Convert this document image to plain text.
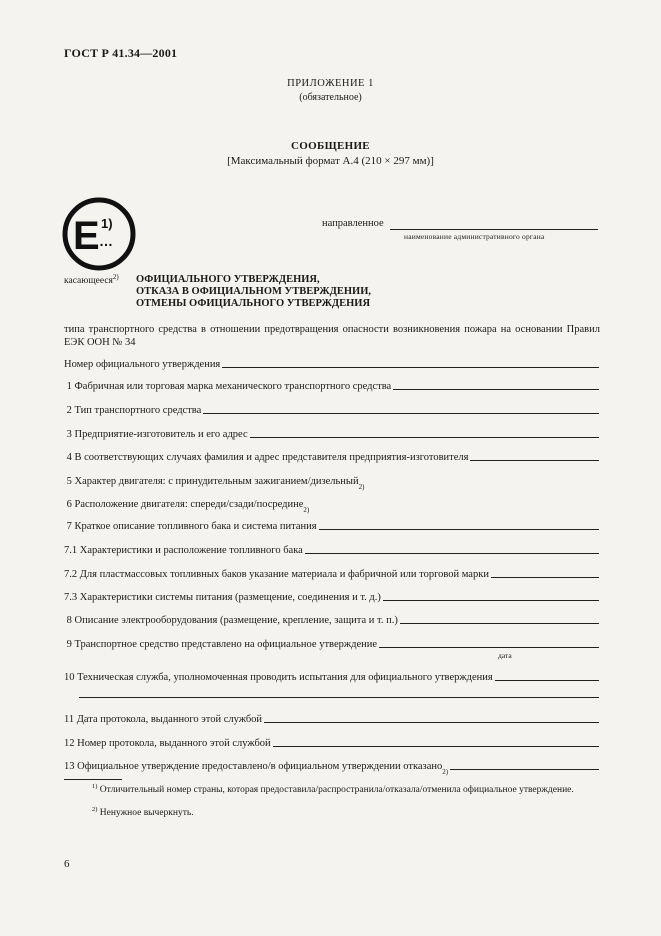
ГОСТ Р 41.34—2001
ПРИЛОЖЕНИЕ 1
(обязательное)
СООБЩЕНИЕ
[Максимальный формат А.4 (210 × 297 мм)]
E 1)
…
направленное
наименование административного органа
касающееся$^{2)}$ ОФИЦИАЛЬНОГО УТВЕРЖДЕНИЯ,
ОТКАЗА В ОФИЦИАЛЬНОМ УТВЕРЖДЕНИИ,
ОТМЕНЫ ОФИЦИАЛЬНОГО УТВЕРЖДЕНИЯ
типа транспортного средства в отношении предотвращения опасности возникновения пожара на основании Правил ЕЭК ООН № 34
Номер официального утверждения
1 Фабричная или торговая марка механического транспортного средства
2 Тип транспортного средства
3 Предприятие-изготовитель и его адрес
4 В соответствующих случаях фамилия и адрес представителя предприятия-изготовителя
5 Характер двигателя: с принудительным зажиганием/дизельный 2)
6 Расположение двигателя: спереди/сзади/посредине 2)
7 Краткое описание топливного бака и система питания
7.1 Характеристики и расположение топливного бака
7.2 Для пластмассовых топливных баков указание материала и фабричной или торговой марки
7.3 Характеристики системы питания (размещение, соединения и т. д.)
8 Описание электрооборудования (размещение, крепление, защита и т. п.)
9 Транспортное средство представлено на официальное утверждение
дата
10 Техническая служба, уполномоченная проводить испытания для официального утверждения
11 Дата протокола, выданного этой службой
12 Номер протокола, выданного этой службой
13 Официальное утверждение предоставлено/в официальном утверждении отказано 2)
$^{1)}$ Отличительный номер страны, которая предоставила/распространила/отказала/отменила официальное утверждение.
$^{2)}$ Ненужное вычеркнуть.
6
